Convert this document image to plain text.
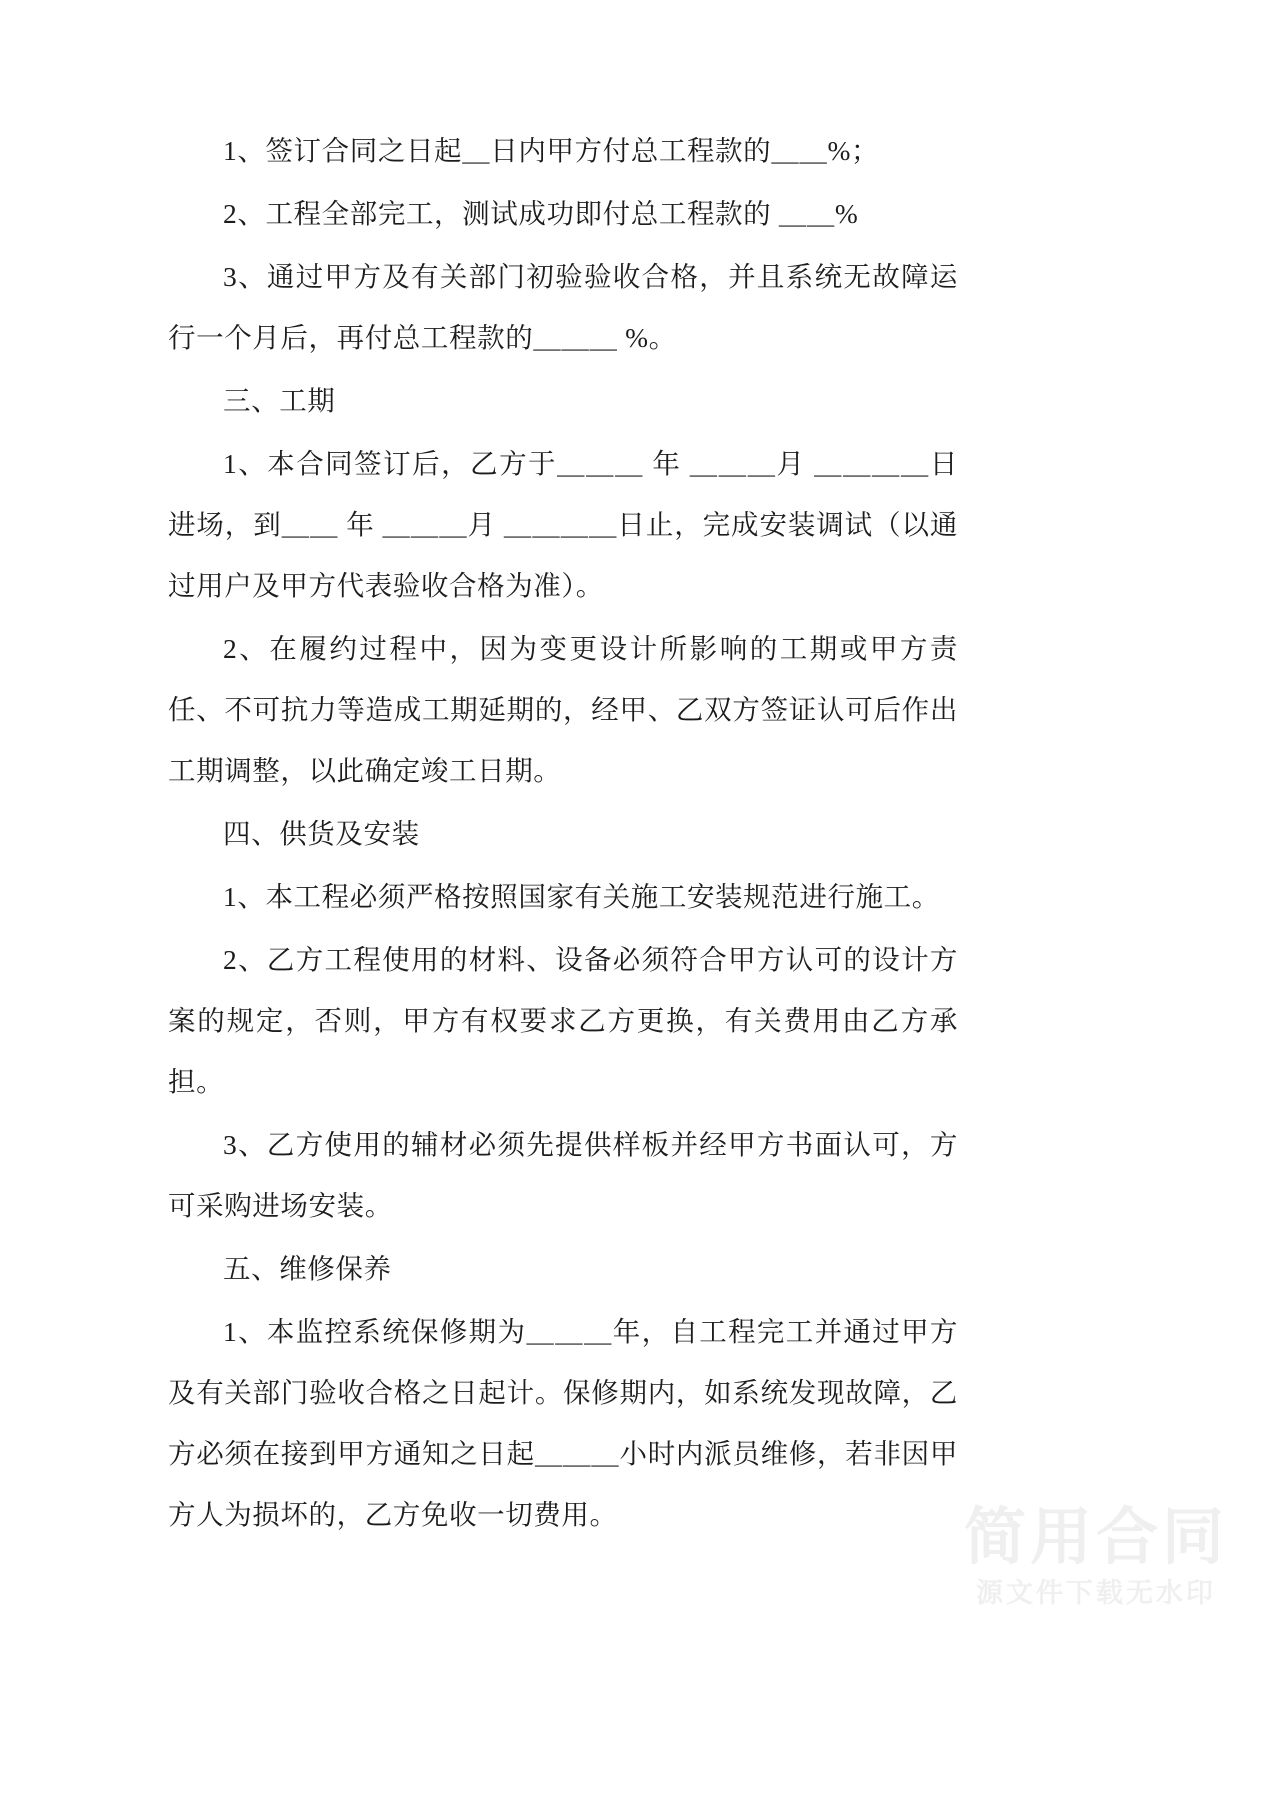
1、签订合同之日起＿日内甲方付总工程款的＿＿%；

2、工程全部完工，测试成功即付总工程款的 ＿＿%

3、通过甲方及有关部门初验验收合格，并且系统无故障运行一个月后，再付总工程款的＿＿＿ %。

三、工期

1、本合同签订后，乙方于＿＿＿ 年 ＿＿＿月 ＿＿＿＿日进场，到＿＿ 年 ＿＿＿月 ＿＿＿＿日止，完成安装调试（以通过用户及甲方代表验收合格为准）。

2、在履约过程中，因为变更设计所影响的工期或甲方责任、不可抗力等造成工期延期的，经甲、乙双方签证认可后作出工期调整，以此确定竣工日期。

四、供货及安装

1、本工程必须严格按照国家有关施工安装规范进行施工。

2、乙方工程使用的材料、设备必须符合甲方认可的设计方案的规定，否则，甲方有权要求乙方更换，有关费用由乙方承担。

3、乙方使用的辅材必须先提供样板并经甲方书面认可，方可采购进场安装。

五、维修保养

1、本监控系统保修期为＿＿＿年，自工程完工并通过甲方及有关部门验收合格之日起计。保修期内，如系统发现故障，乙方必须在接到甲方通知之日起＿＿＿小时内派员维修，若非因甲方人为损坏的，乙方免收一切费用。	简用合同
源文件下载无水印
